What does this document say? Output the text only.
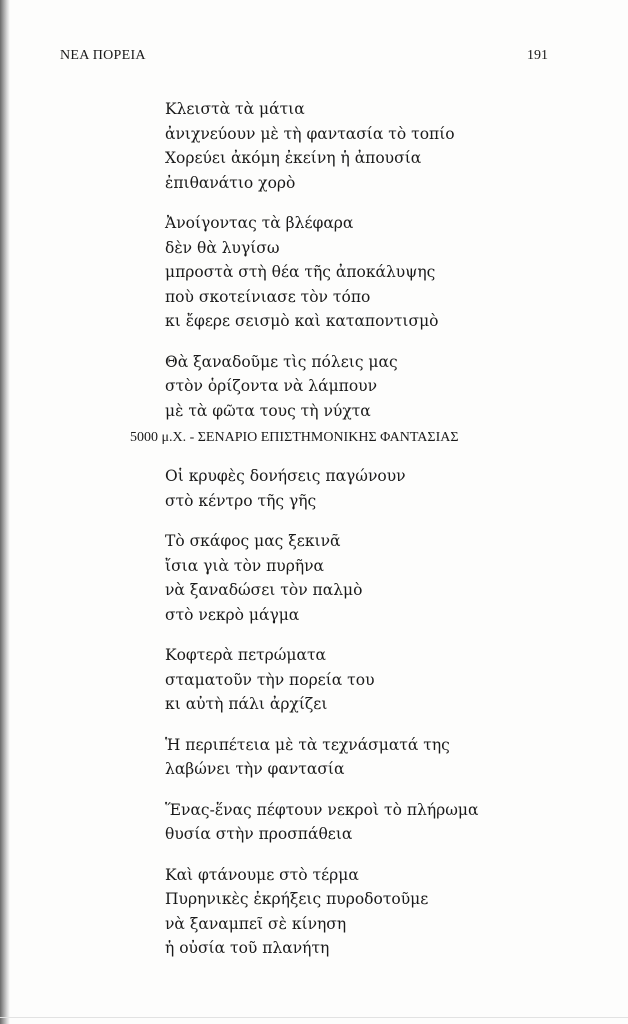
ΝΕΑ ΠΟΡΕΙΑ	191
Κλειστὰ τὰ μάτια
ἀνιχνεύουν μὲ τὴ φαντασία τὸ τοπίο
Χορεύει ἀκόμη ἐκείνη ἡ ἀπουσία
ἐπιθανάτιο χορὸ
Ἀνοίγοντας τὰ βλέφαρα
δὲν θὰ λυγίσω
μπροστὰ στὴ θέα τῆς ἀποκάλυψης
ποὺ σκοτείνιασε τὸν τόπο
κι ἔφερε σεισμὸ καὶ καταποντισμὸ
Θὰ ξαναδοῦμε τὶς πόλεις μας
στὸν ὁρίζοντα νὰ λάμπουν
μὲ τὰ φῶτα τους τὴ νύχτα
5000 μ.Χ. - ΣΕΝΑΡΙΟ ΕΠΙΣΤΗΜΟΝΙΚΗΣ ΦΑΝΤΑΣΙΑΣ
Οἱ κρυφὲς δονήσεις παγώνουν
στὸ κέντρο τῆς γῆς
Τὸ σκάφος μας ξεκινᾶ
ἴσια γιὰ τὸν πυρῆνα
νὰ ξαναδώσει τὸν παλμὸ
στὸ νεκρὸ μάγμα
Κοφτερὰ πετρώματα
σταματοῦν τὴν πορεία του
κι αὐτὴ πάλι ἀρχίζει
Ἡ περιπέτεια μὲ τὰ τεχνάσματά της
λαβώνει τὴν φαντασία
Ἕνας-ἕνας πέφτουν νεκροὶ τὸ πλήρωμα
θυσία στὴν προσπάθεια
Καὶ φτάνουμε στὸ τέρμα
Πυρηνικὲς ἐκρήξεις πυροδοτοῦμε
νὰ ξαναμπεῖ σὲ κίνηση
ἡ οὐσία τοῦ πλανήτη
